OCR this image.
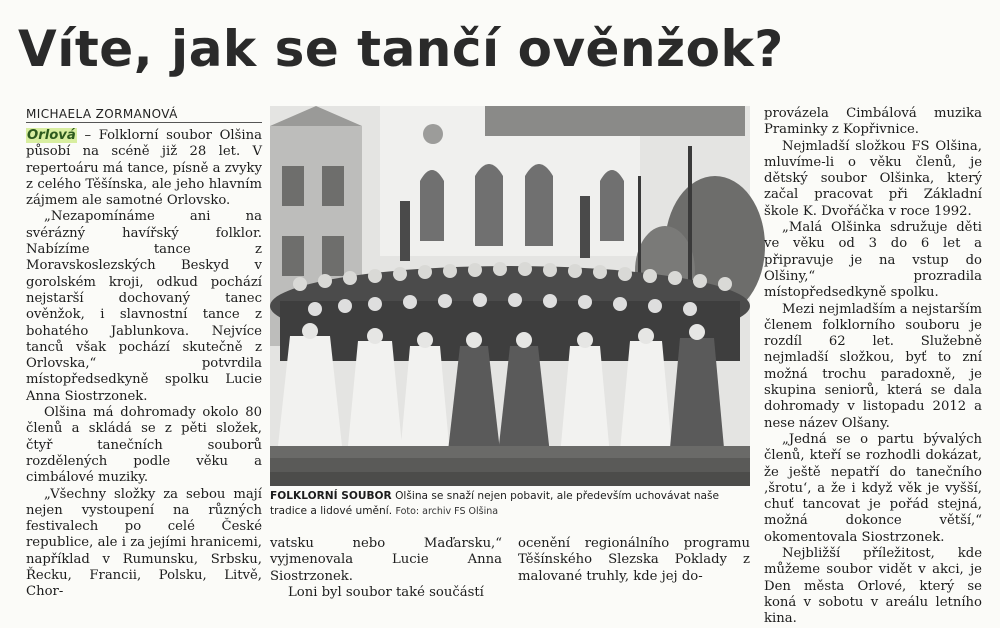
Víte, jak se tančí ověnžok?
MICHAELA ZORMANOVÁ

Orlová – Folklorní soubor Olšina působí na scéně již 28 let. V repertoáru má tance, písně a zvyky z celého Těšínska, ale jeho hlavním zájmem ale samotné Orlovsko.

„Nezapomínáme ani na svérázný havířský folklor. Nabízíme tance z Moravskoslezských Beskyd v gorolském kroji, odkud pochází nejstarší dochovaný tanec ověnžok, i slavnostní tance z bohatého Jablunkova. Nejvíce tanců však pochází skutečně z Orlovska,“ potvrdila místopředsedkyně spolku Lucie Anna Siostrzonek.

Olšina má dohromady okolo 80 členů a skládá se z pěti složek, čtyř tanečních souborů rozdělených podle věku a cimbálové muziky.

„Všechny složky za sebou mají nejen vystoupení na různých festivalech po celé České republice, ale i za jejími hranicemi, například v Rumunsku, Srbsku, Řecku, Francii, Polsku, Litvě, Chor-

FOLKLORNÍ SOUBOR Olšina se snaží nejen pobavit, ale především uchovávat naše tradice a lidové umění. Foto: archiv FS Olšina

vatsku nebo Maďarsku,“ vyjmenovala Lucie Anna Siostrzonek.

Loni byl soubor také součástí

ocenění regionálního programu Těšínského Slezska Poklady z malované truhly, kde jej do-

provázela Cimbálová muzika Praminky z Kopřivnice.

Nejmladší složkou FS Olšina, mluvíme-li o věku členů, je dětský soubor Olšinka, který začal pracovat při Základní škole K. Dvořáčka v roce 1992.

„Malá Olšinka sdružuje děti ve věku od 3 do 6 let a připravuje je na vstup do Olšiny,“ prozradila místopředsedkyně spolku.

Mezi nejmladším a nejstarším členem folklorního souboru je rozdíl 62 let. Služebně nejmladší složkou, byť to zní možná trochu paradoxně, je skupina seniorů, která se dala dohromady v listopadu 2012 a nese název Olšany.

„Jedná se o partu bývalých členů, kteří se rozhodli dokázat, že ještě nepatří do tanečního ‚šrotu‘, a že i když věk je vyšší, chuť tancovat je pořád stejná, možná dokonce větší,“ okomentovala Siostrzonek.

Nejbližší příležitost, kde můžeme soubor vidět v akci, je Den města Orlové, který se koná v sobotu v areálu letního kina.
